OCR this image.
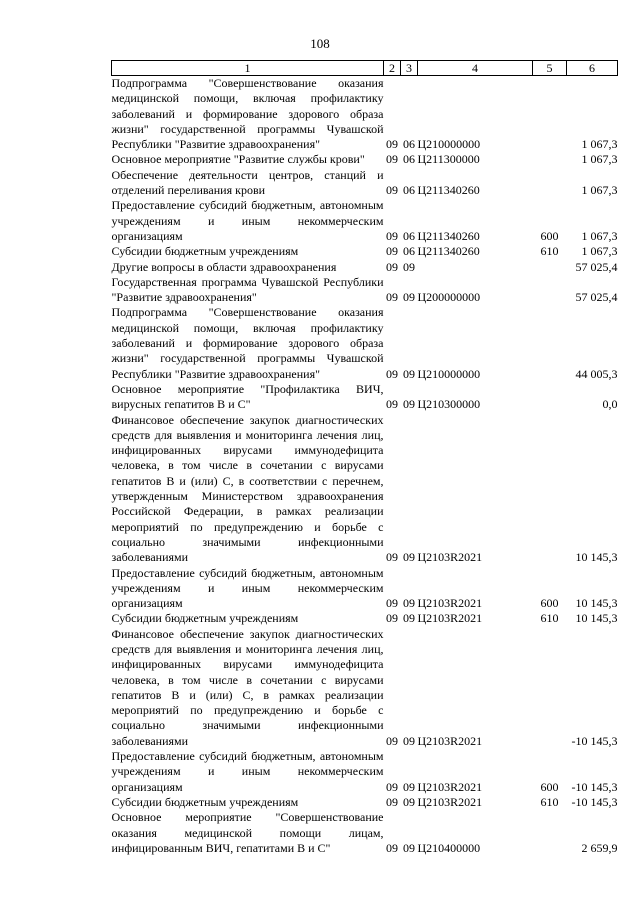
108
1	2	3	4	5	6
Подпрограмма "Совершенствование оказания медицинской помощи, включая профилактику заболеваний и формирование здорового образа жизни" государственной программы Чувашской Республики "Развитие здравоохранения"	09	06	Ц210000000		1 067,3
Основное мероприятие "Развитие службы крови"	09	06	Ц211300000		1 067,3
Обеспечение деятельности центров, станций и отделений переливания крови	09	06	Ц211340260		1 067,3
Предоставление субсидий бюджетным, автономным учреждениям и иным некоммерческим организациям	09	06	Ц211340260	600	1 067,3
Субсидии бюджетным учреждениям	09	06	Ц211340260	610	1 067,3
Другие вопросы в области здравоохранения	09	09			57 025,4
Государственная программа Чувашской Республики "Развитие здравоохранения"	09	09	Ц200000000		57 025,4
Подпрограмма "Совершенствование оказания медицинской помощи, включая профилактику заболеваний и формирование здорового образа жизни" государственной программы Чувашской Республики "Развитие здравоохранения"	09	09	Ц210000000		44 005,3
Основное мероприятие "Профилактика ВИЧ, вирусных гепатитов В и С"	09	09	Ц210300000		0,0
Финансовое обеспечение закупок диагностических средств для выявления и мониторинга лечения лиц, инфицированных вирусами иммунодефицита человека, в том числе в сочетании с вирусами гепатитов В и (или) С, в соответствии с перечнем, утвержденным Министерством здравоохранения Российской Федерации, в рамках реализации мероприятий по предупреждению и борьбе с социально значимыми инфекционными заболеваниями	09	09	Ц2103R2021		10 145,3
Предоставление субсидий бюджетным, автономным учреждениям и иным некоммерческим организациям	09	09	Ц2103R2021	600	10 145,3
Субсидии бюджетным учреждениям	09	09	Ц2103R2021	610	10 145,3
Финансовое обеспечение закупок диагностических средств для выявления и мониторинга лечения лиц, инфицированных вирусами иммунодефицита человека, в том числе в сочетании с вирусами гепатитов В и (или) С, в рамках реализации мероприятий по предупреждению и борьбе с социально значимыми инфекционными заболеваниями	09	09	Ц2103R2021		-10 145,3
Предоставление субсидий бюджетным, автономным учреждениям и иным некоммерческим организациям	09	09	Ц2103R2021	600	-10 145,3
Субсидии бюджетным учреждениям	09	09	Ц2103R2021	610	-10 145,3
Основное мероприятие "Совершенствование оказания медицинской помощи лицам, инфицированным ВИЧ, гепатитами В и С"	09	09	Ц210400000		2 659,9
